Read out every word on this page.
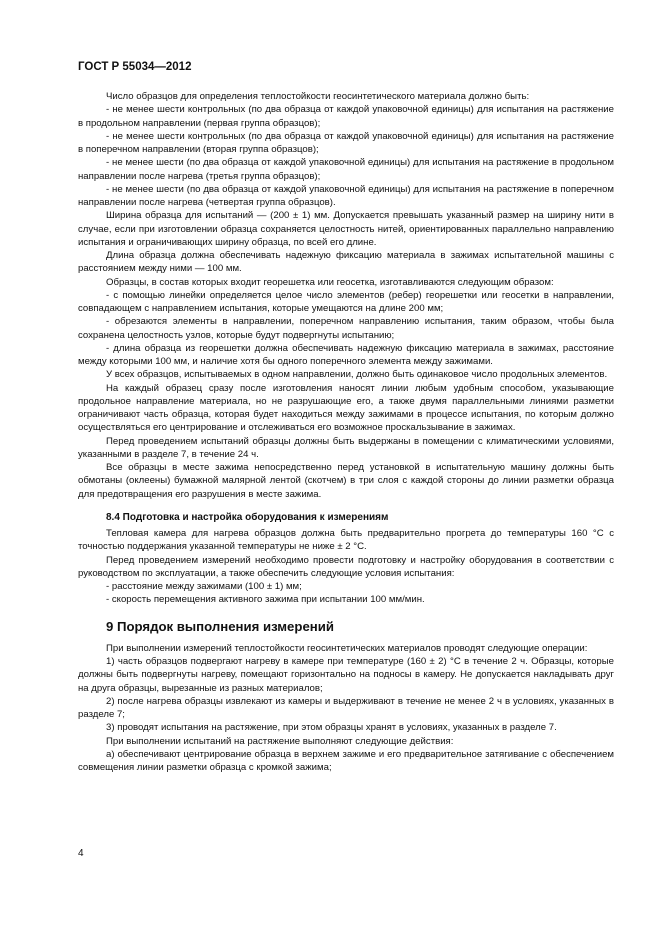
ГОСТ Р 55034—2012

Число образцов для определения теплостойкости геосинтетического материала должно быть:

- не менее шести контрольных (по два образца от каждой упаковочной единицы) для испытания на растяжение в продольном направлении (первая группа образцов);

- не менее шести контрольных (по два образца от каждой упаковочной единицы) для испытания на растяжение в поперечном направлении (вторая группа образцов);

- не менее шести (по два образца от каждой упаковочной единицы) для испытания на растяжение в продольном направлении после нагрева (третья группа образцов);

- не менее шести (по два образца от каждой упаковочной единицы) для испытания на растяжение в поперечном направлении после нагрева (четвертая группа образцов).

Ширина образца для испытаний — (200 ± 1) мм. Допускается превышать указанный размер на ширину нити в случае, если при изготовлении образца сохраняется целостность нитей, ориентированных параллельно направлению испытания и ограничивающих ширину образца, по всей его длине.

Длина образца должна обеспечивать надежную фиксацию материала в зажимах испытательной машины с расстоянием между ними — 100 мм.

Образцы, в состав которых входит георешетка или геосетка, изготавливаются следующим образом:

- с помощью линейки определяется целое число элементов (ребер) георешетки или геосетки в направлении, совпадающем с направлением испытания, которые умещаются на длине 200 мм;

- обрезаются элементы в направлении, поперечном направлению испытания, таким образом, чтобы была сохранена целостность узлов, которые будут подвергнуты испытанию;

- длина образца из георешетки должна обеспечивать надежную фиксацию материала в зажимах, расстояние между которыми 100 мм, и наличие хотя бы одного поперечного элемента между зажимами.

У всех образцов, испытываемых в одном направлении, должно быть одинаковое число продольных элементов.

На каждый образец сразу после изготовления наносят линии любым удобным способом, указывающие продольное направление материала, но не разрушающие его, а также двумя параллельными линиями разметки ограничивают часть образца, которая будет находиться между зажимами в процессе испытания, по которым должно осуществляться его центрирование и отслеживаться его возможное проскальзывание в зажимах.

Перед проведением испытаний образцы должны быть выдержаны в помещении с климатическими условиями, указанными в разделе 7, в течение 24 ч.

Все образцы в месте зажима непосредственно перед установкой в испытательную машину должны быть обмотаны (оклеены) бумажной малярной лентой (скотчем) в три слоя с каждой стороны до линии разметки образца для предотвращения его разрушения в месте зажима.

8.4 Подготовка и настройка оборудования к измерениям

Тепловая камера для нагрева образцов должна быть предварительно прогрета до температуры 160 °С с точностью поддержания указанной температуры не ниже ± 2 °С.

Перед проведением измерений необходимо провести подготовку и настройку оборудования в соответствии с руководством по эксплуатации, а также обеспечить следующие условия испытания:

- расстояние между зажимами (100 ± 1) мм;

- скорость перемещения активного зажима при испытании 100 мм/мин.

9 Порядок выполнения измерений

При выполнении измерений теплостойкости геосинтетических материалов проводят следующие операции:

1) часть образцов подвергают нагреву в камере при температуре (160 ± 2) °С в течение 2 ч. Образцы, которые должны быть подвергнуты нагреву, помещают горизонтально на подносы в камеру. Не допускается накладывать друг на друга образцы, вырезанные из разных материалов;

2) после нагрева образцы извлекают из камеры и выдерживают в течение не менее 2 ч в условиях, указанных в разделе 7;

3) проводят испытания на растяжение, при этом образцы хранят в условиях, указанных в разделе 7.

При выполнении испытаний на растяжение выполняют следующие действия:

а) обеспечивают центрирование образца в верхнем зажиме и его предварительное затягивание с обеспечением совмещения линии разметки образца с кромкой зажима;

4
